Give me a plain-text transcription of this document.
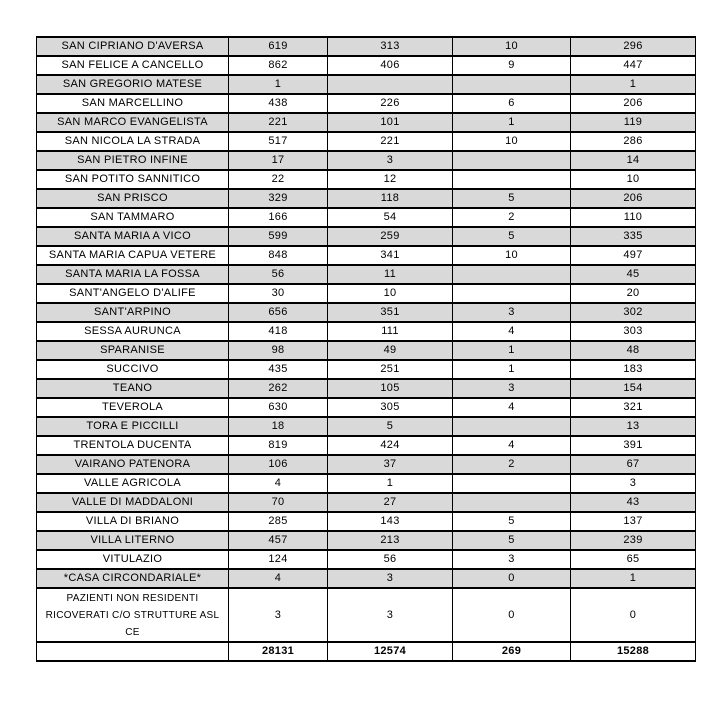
SAN CIPRIANO D'AVERSA	619	313	10	296
SAN FELICE A CANCELLO	862	406	9	447
SAN GREGORIO MATESE	1			1
SAN MARCELLINO	438	226	6	206
SAN MARCO EVANGELISTA	221	101	1	119
SAN NICOLA LA STRADA	517	221	10	286
SAN PIETRO INFINE	17	3		14
SAN POTITO SANNITICO	22	12		10
SAN PRISCO	329	118	5	206
SAN TAMMARO	166	54	2	110
SANTA MARIA A VICO	599	259	5	335
SANTA MARIA CAPUA VETERE	848	341	10	497
SANTA MARIA LA FOSSA	56	11		45
SANT'ANGELO D'ALIFE	30	10		20
SANT'ARPINO	656	351	3	302
SESSA AURUNCA	418	111	4	303
SPARANISE	98	49	1	48
SUCCIVO	435	251	1	183
TEANO	262	105	3	154
TEVEROLA	630	305	4	321
TORA E PICCILLI	18	5		13
TRENTOLA DUCENTA	819	424	4	391
VAIRANO PATENORA	106	37	2	67
VALLE AGRICOLA	4	1		3
VALLE DI MADDALONI	70	27		43
VILLA DI BRIANO	285	143	5	137
VILLA LITERNO	457	213	5	239
VITULAZIO	124	56	3	65
*CASA CIRCONDARIALE*	4	3	0	1
PAZIENTI NON RESIDENTI RICOVERATI C/O STRUTTURE ASL CE	3	3	0	0
	28131	12574	269	15288
